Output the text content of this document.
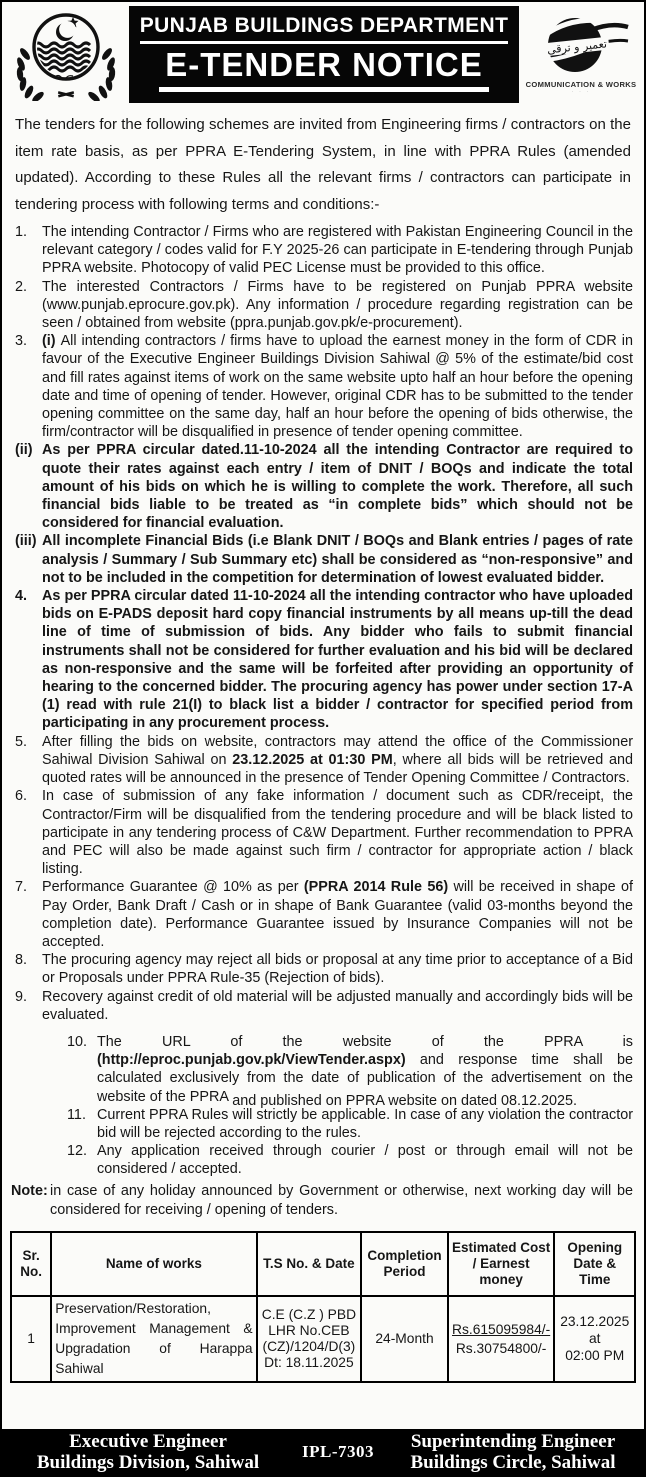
PUNJAB BUILDINGS DEPARTMENT
E-TENDER NOTICE	تعمیر و ترقی
COMMUNICATION & WORKS
· · ·
The tenders for the following schemes are invited from Engineering firms / contractors on the item rate basis, as per PPRA E-Tendering System, in line with PPRA Rules (amended updated). According to these Rules all the relevant firms / contractors can participate in tendering process with following terms and conditions:-
1.	The intending Contractor / Firms who are registered with Pakistan Engineering Council in the relevant category / codes valid for F.Y 2025-26 can participate in E-tendering through Punjab PPRA website. Photocopy of valid PEC License must be provided to this office.
2.	The interested Contractors / Firms have to be registered on Punjab PPRA website (www.punjab.eprocure.gov.pk). Any information / procedure regarding registration can be seen / obtained from website (ppra.punjab.gov.pk/e-procurement).
3.	(i) All intending contractors / firms have to upload the earnest money in the form of CDR in favour of the Executive Engineer Buildings Division Sahiwal @ 5% of the estimate/bid cost and fill rates against items of work on the same website upto half an hour before the opening date and time of opening of tender. However, original CDR has to be submitted to the tender opening committee on the same day, half an hour before the opening of bids otherwise, the firm/contractor will be disqualified in presence of tender opening committee.
(ii) As per PPRA circular dated.11-10-2024 all the intending Contractor are required to quote their rates against each entry / item of DNIT / BOQs and indicate the total amount of his bids on which he is willing to complete the work. Therefore, all such financial bids liable to be treated as “in complete bids” which should not be considered for financial evaluation.
(iii) All incomplete Financial Bids (i.e Blank DNIT / BOQs and Blank entries / pages of rate analysis / Summary / Sub Summary etc) shall be considered as “non-responsive” and not to be included in the competition for determination of lowest evaluated bidder.
4.	As per PPRA circular dated 11-10-2024 all the intending contractor who have uploaded bids on E-PADS deposit hard copy financial instruments by all means up-till the dead line of time of submission of bids. Any bidder who fails to submit financial instruments shall not be considered for further evaluation and his bid will be declared as non-responsive and the same will be forfeited after providing an opportunity of hearing to the concerned bidder. The procuring agency has power under section 17-A (1) read with rule 21(I) to black list a bidder / contractor for specified period from participating in any procurement process.
5.	After filling the bids on website, contractors may attend the office of the Commissioner Sahiwal Division Sahiwal on 23.12.2025 at 01:30 PM, where all bids will be retrieved and quoted rates will be announced in the presence of Tender Opening Committee / Contractors.
6.	In case of submission of any fake information / document such as CDR/receipt, the Contractor/Firm will be disqualified from the tendering procedure and will be black listed to participate in any tendering process of C&W Department. Further recommendation to PPRA and PEC will also be made against such firm / contractor for appropriate action / black listing.
7.	Performance Guarantee @ 10% as per (PPRA 2014 Rule 56) will be received in shape of Pay Order, Bank Draft / Cash or in shape of Bank Guarantee (valid 03-months beyond the completion date). Performance Guarantee issued by Insurance Companies will not be accepted.
8.	The procuring agency may reject all bids or proposal at any time prior to acceptance of a Bid or Proposals under PPRA Rule-35 (Rejection of bids).
9.	Recovery against credit of old material will be adjusted manually and accordingly bids will be evaluated.
10. The URL of the website of the PPRA is (http://eproc.punjab.gov.pk/ViewTender.aspx) and response time shall be calculated exclusively from the date of publication of the advertisement on the website of the PPRA and published on PPRA website on dated 08.12.2025.
11. Current PPRA Rules will strictly be applicable. In case of any violation the contractor bid will be rejected according to the rules.
12. Any application received through courier / post or through email will not be considered / accepted.
Note: in case of any holiday announced by Government or otherwise, next working day will be considered for receiving / opening of tenders.
Sr. No.	Name of works	T.S No. & Date	Completion Period	Estimated Cost / Earnest money	Opening Date & Time
1	Preservation/Restoration, Improvement Management & Upgradation of Harappa Sahiwal	C.E (C.Z ) PBD
LHR No.CEB
(CZ)/1204/D(3)
Dt: 18.11.2025	24-Month	Rs.615095984/-
Rs.30754800/-	23.12.2025
at
02:00 PM
Executive Engineer
Buildings Division, Sahiwal
IPL-7303	Superintending Engineer
Buildings Circle, Sahiwal
